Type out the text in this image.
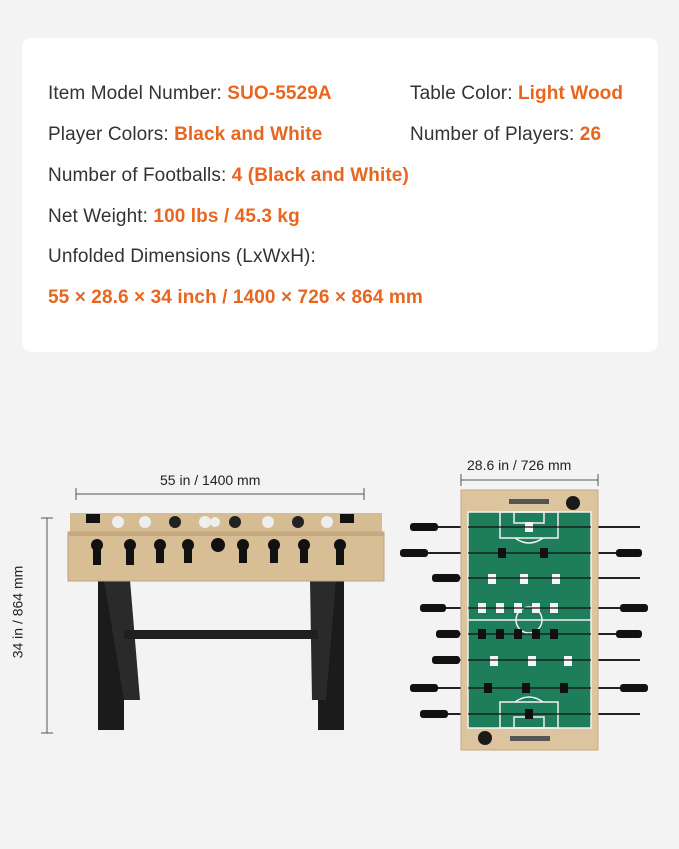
Item Model Number: SUO-5529A	Table Color: Light Wood
Player Colors: Black and White	Number of Players: 26
Number of Footballs: 4 (Black and White)
Net Weight: 100 lbs / 45.3 kg
Unfolded Dimensions (LxWxH):
55 × 28.6 × 34 inch / 1400 × 726 × 864 mm
55 in / 1400 mm
28.6 in / 726 mm
34 in / 864 mm
